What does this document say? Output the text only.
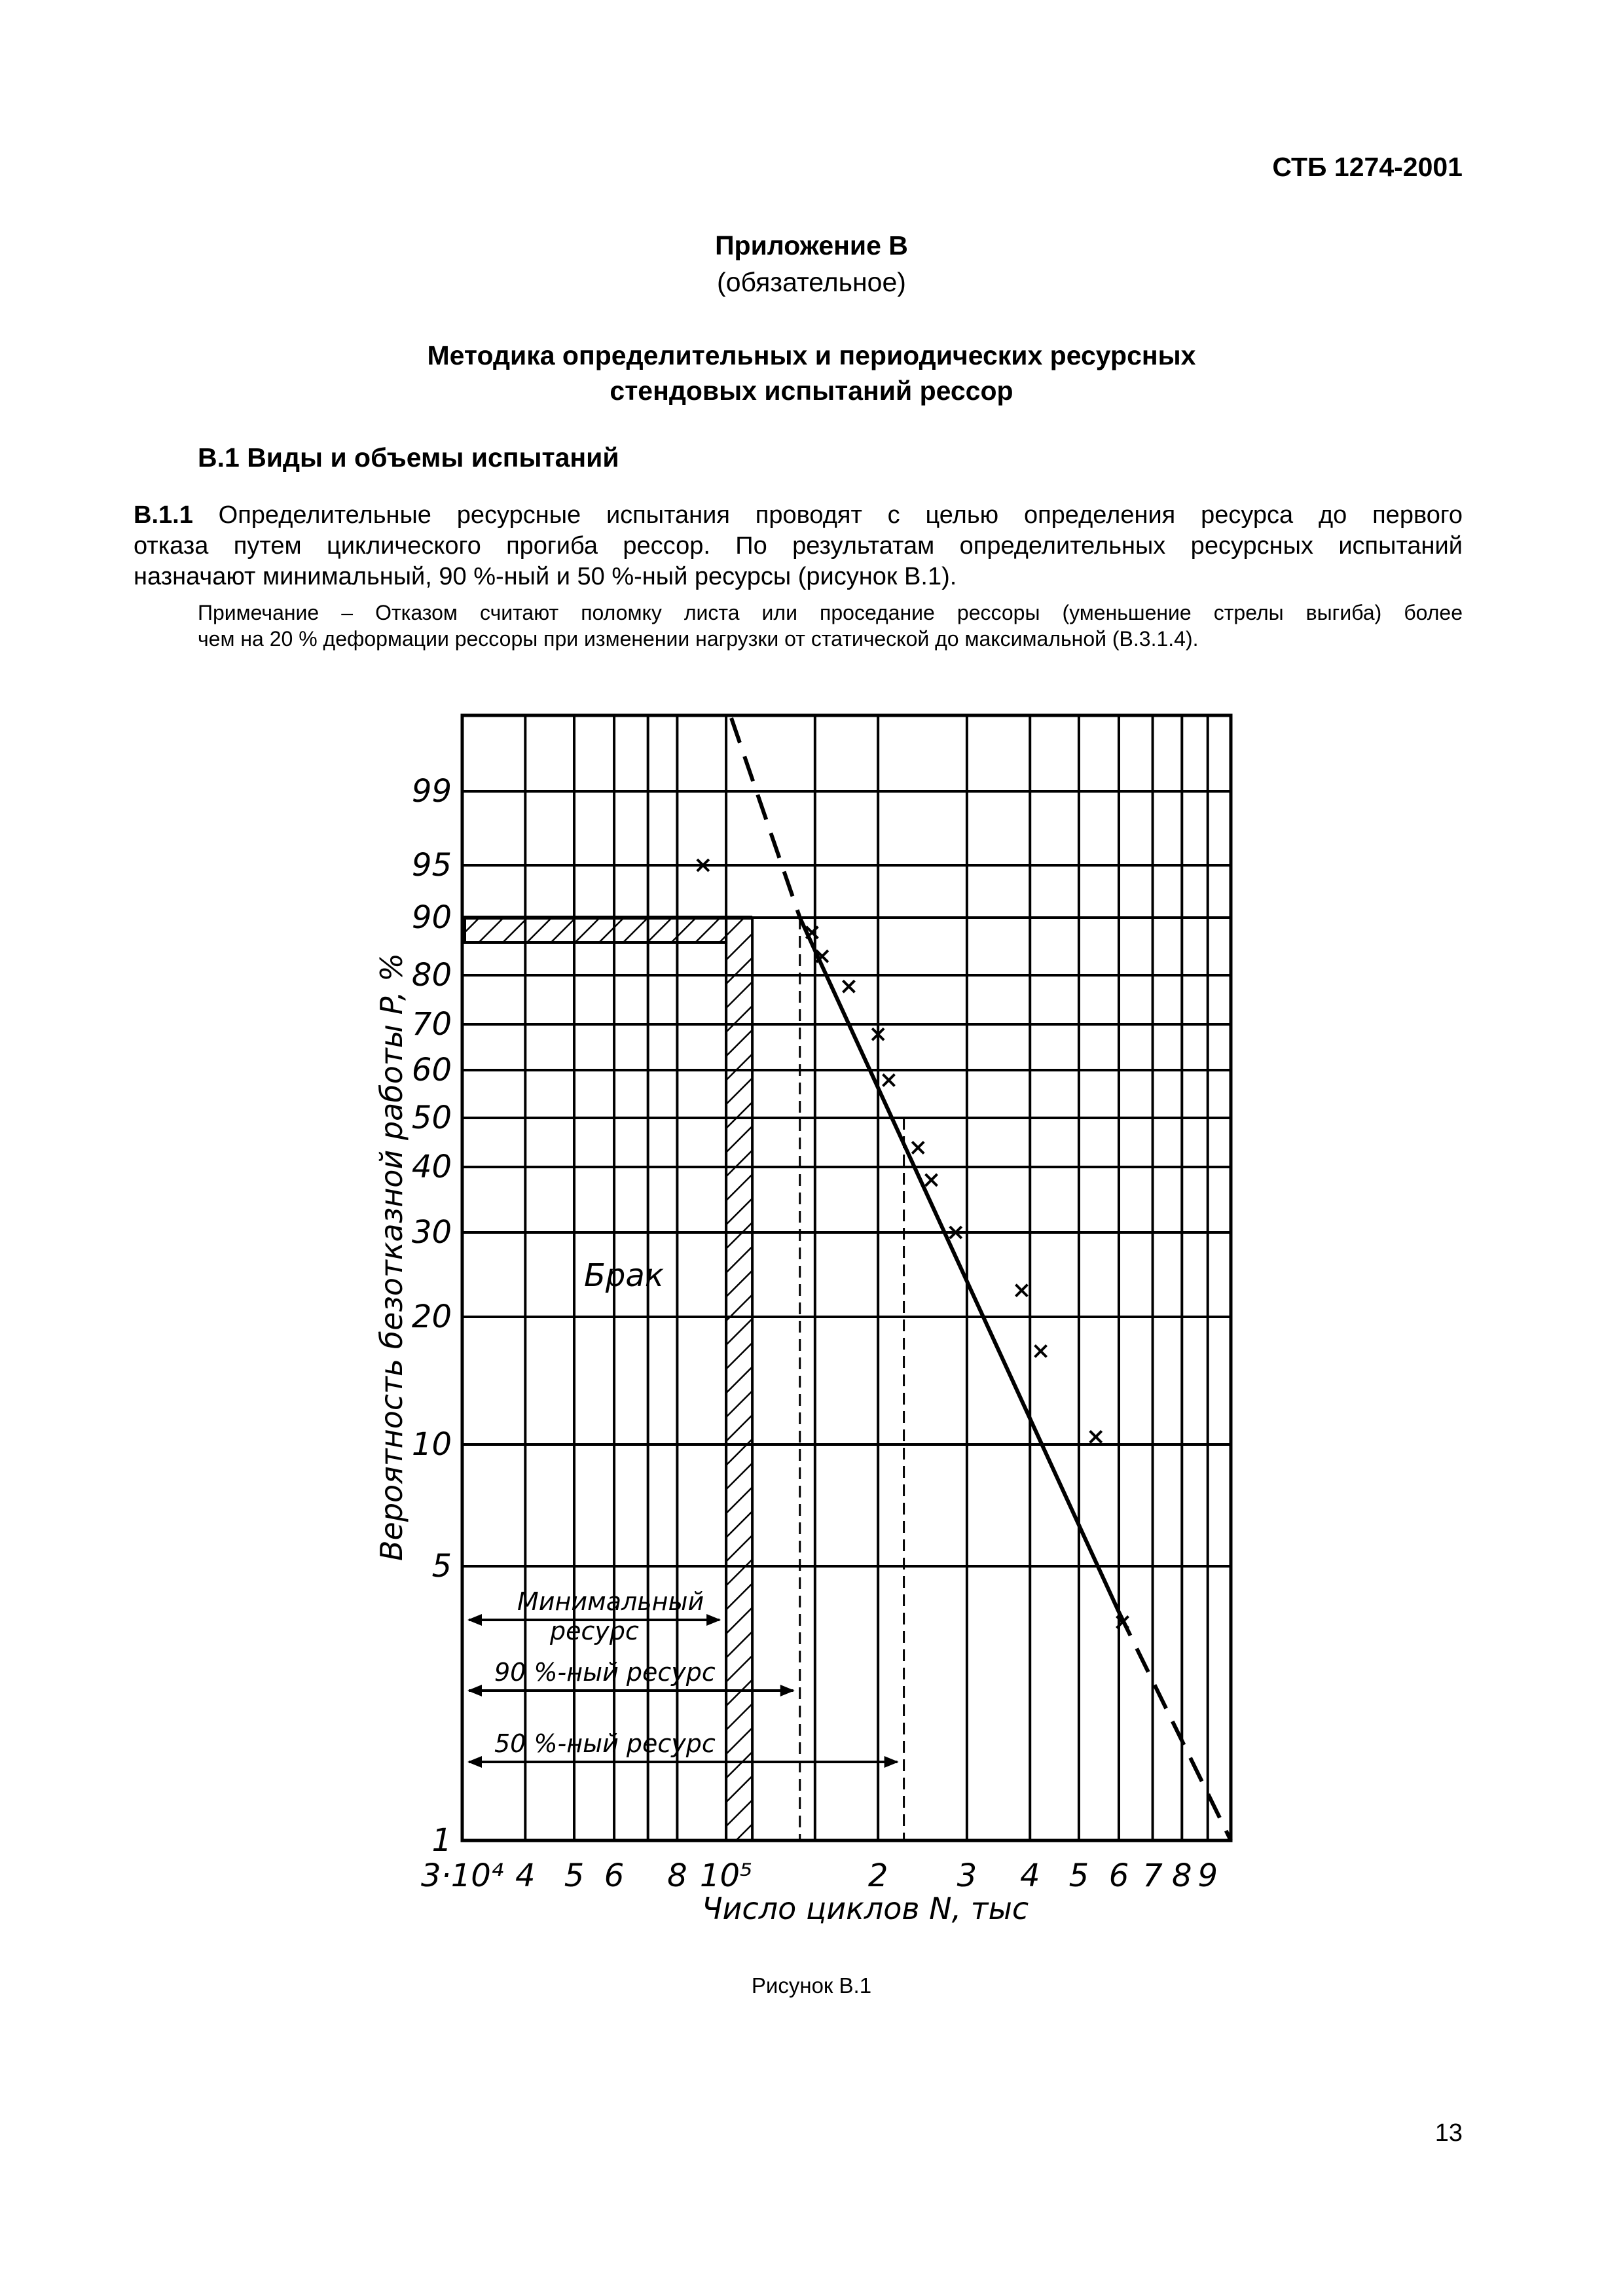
СТБ 1274-2001
Приложение В
(обязательное)
Методика определительных и периодических ресурсных
стендовых испытаний рессор
В.1 Виды и объемы испытаний
В.1.1 Определительные ресурсные испытания проводят с целью определения ресурса до первого
отказа путем циклического прогиба рессор. По результатам определительных ресурсных испытаний
назначают минимальный, 90 %-ный и 50 %-ный ресурсы (рисунок В.1).
Примечание – Отказом считают поломку листа или проседание рессоры (уменьшение стрелы выгиба) более
чем на 20 % деформации рессоры при изменении нагрузки от статической до максимальной (В.3.1.4).
1
5
10
20
30
40
50
60
70
80
90
95
99
3·10⁴ 4 5 6 8 10⁵	2 3 4 5 6 7 8 9
Брак
Минимальный
ресурс
90 %-ный ресурс
50 %-ный ресурс
Число циклов N, тыс
Вероятность безотказной работы P, %
Рисунок В.1
13
